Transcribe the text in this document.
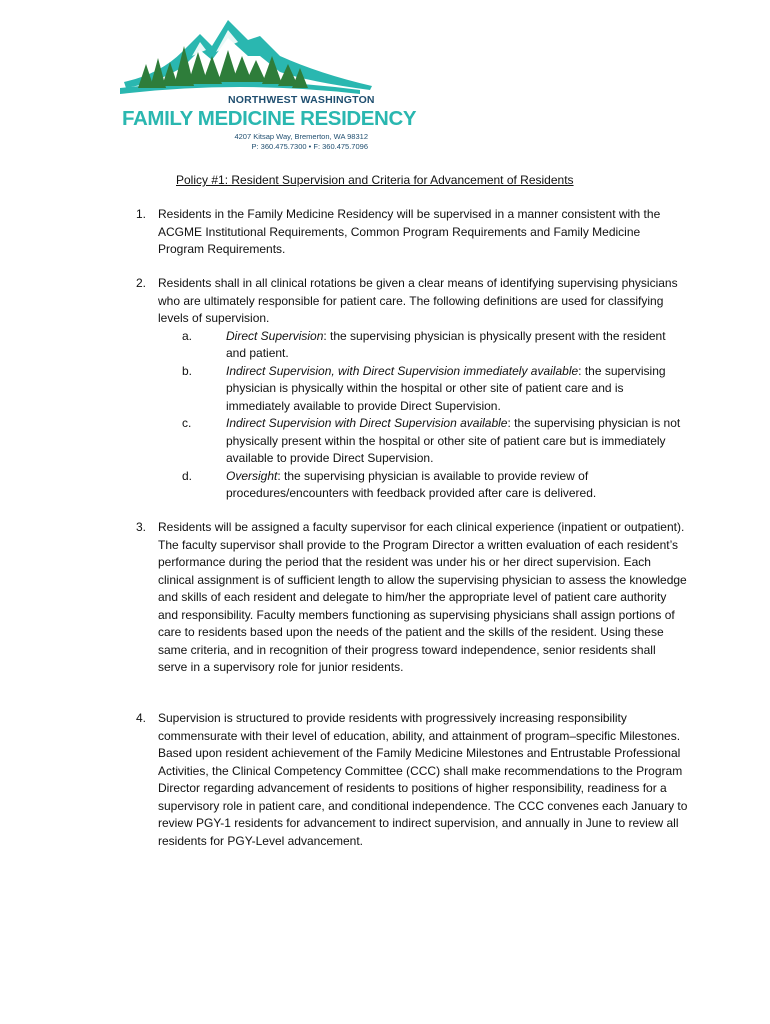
NORTHWEST WASHINGTON
FAMILY MEDICINE RESIDENCY
4207 Kitsap Way, Bremerton, WA 98312
P: 360.475.7300 • F: 360.475.7096
Policy #1: Resident Supervision and Criteria for Advancement of Residents
1. Residents in the Family Medicine Residency will be supervised in a manner consistent with the ACGME Institutional Requirements, Common Program Requirements and Family Medicine Program Requirements.

2. Residents shall in all clinical rotations be given a clear means of identifying supervising physicians who are ultimately responsible for patient care. The following definitions are used for classifying levels of supervision.

a.	Direct Supervision: the supervising physician is physically present with the resident and patient.
b.	Indirect Supervision, with Direct Supervision immediately available: the supervising physician is physically within the hospital or other site of patient care and is immediately available to provide Direct Supervision.
c.	Indirect Supervision with Direct Supervision available: the supervising physician is not physically present within the hospital or other site of patient care but is immediately available to provide Direct Supervision.
d.	Oversight: the supervising physician is available to provide review of procedures/encounters with feedback provided after care is delivered.
3. Residents will be assigned a faculty supervisor for each clinical experience (inpatient or outpatient). The faculty supervisor shall provide to the Program Director a written evaluation of each resident’s performance during the period that the resident was under his or her direct supervision. Each clinical assignment is of sufficient length to allow the supervising physician to assess the knowledge and skills of each resident and delegate to him/her the appropriate level of patient care authority and responsibility. Faculty members functioning as supervising physicians shall assign portions of care to residents based upon the needs of the patient and the skills of the resident. Using these same criteria, and in recognition of their progress toward independence, senior residents shall serve in a supervisory role for junior residents.

4. Supervision is structured to provide residents with progressively increasing responsibility commensurate with their level of education, ability, and attainment of program–specific Milestones. Based upon resident achievement of the Family Medicine Milestones and Entrustable Professional Activities, the Clinical Competency Committee (CCC) shall make recommendations to the Program Director regarding advancement of residents to positions of higher responsibility, readiness for a supervisory role in patient care, and conditional independence. The CCC convenes each January to review PGY-1 residents for advancement to indirect supervision, and annually in June to review all residents for PGY-Level advancement.
